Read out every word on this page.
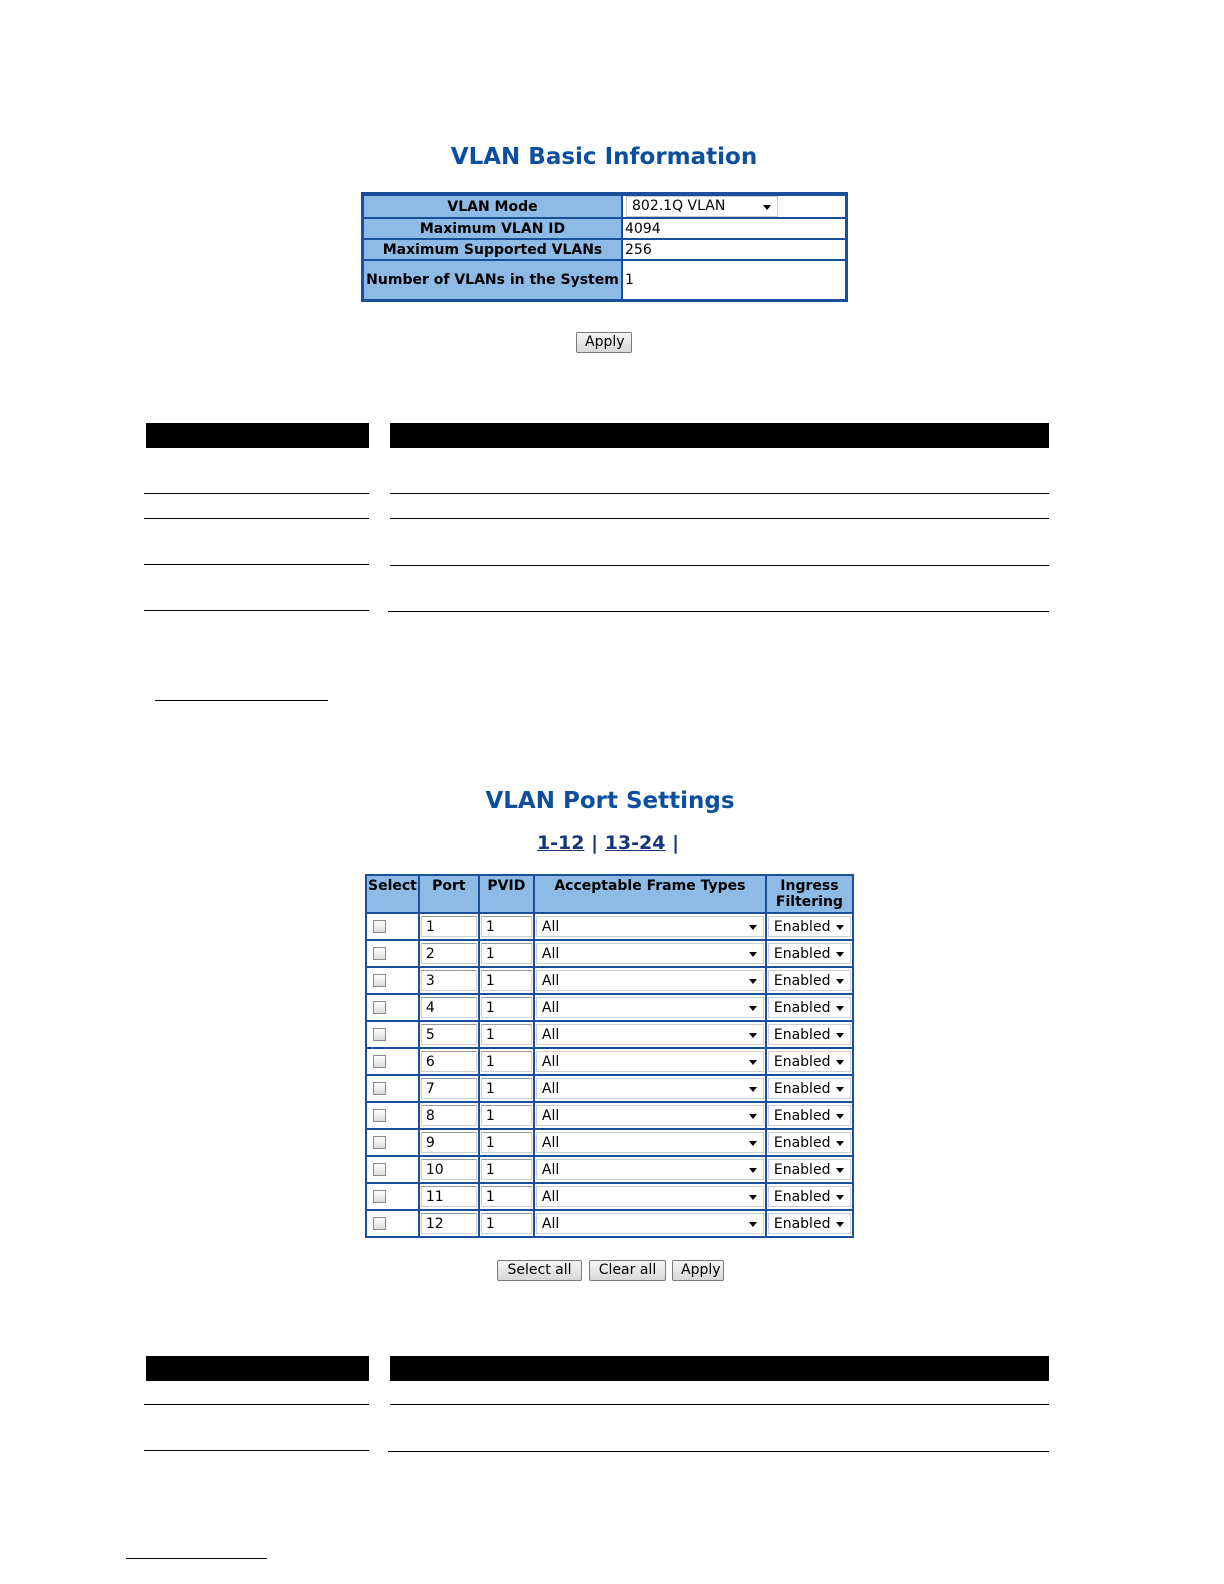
VLAN Basic Information
VLAN Mode	802.1Q VLAN

Maximum VLAN ID	4094
Maximum Supported VLANs	256
Number of VLANs in the System	1
Apply
VLAN Port Settings
1-12 | 13-24 |
Select	Port	PVID	Acceptable Frame Types	Ingress Filtering

	1	1	All	Enabled

	2	1	All	Enabled

	3	1	All	Enabled

	4	1	All	Enabled

	5	1	All	Enabled

	6	1	All	Enabled

	7	1	All	Enabled

	8	1	All	Enabled

	9	1	All	Enabled

	10	1	All	Enabled

	11	1	All	Enabled

	12	1	All	Enabled
Select all	Clear all	Apply
